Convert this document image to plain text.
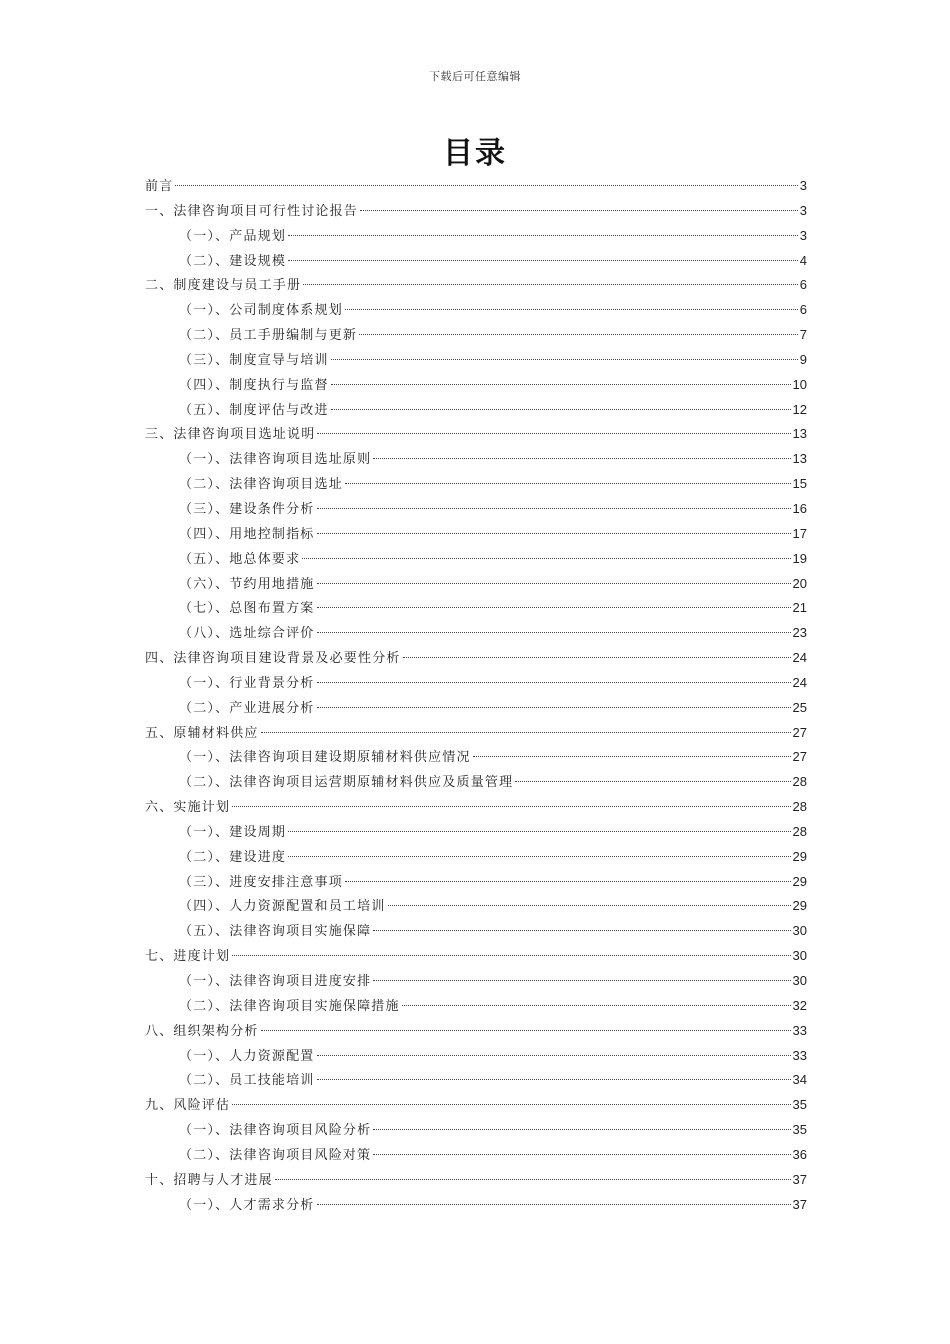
下载后可任意编辑
目录
前言	3
一、法律咨询项目可行性讨论报告	3
（一）、产品规划	3
（二）、建设规模	4
二、制度建设与员工手册	6
（一）、公司制度体系规划	6
（二）、员工手册编制与更新	7
（三）、制度宣导与培训	9
（四）、制度执行与监督	10
（五）、制度评估与改进	12
三、法律咨询项目选址说明	13
（一）、法律咨询项目选址原则	13
（二）、法律咨询项目选址	15
（三）、建设条件分析	16
（四）、用地控制指标	17
（五）、地总体要求	19
（六）、节约用地措施	20
（七）、总图布置方案	21
（八）、选址综合评价	23
四、法律咨询项目建设背景及必要性分析	24
（一）、行业背景分析	24
（二）、产业进展分析	25
五、原辅材料供应	27
（一）、法律咨询项目建设期原辅材料供应情况	27
（二）、法律咨询项目运营期原辅材料供应及质量管理	28
六、实施计划	28
（一）、建设周期	28
（二）、建设进度	29
（三）、进度安排注意事项	29
（四）、人力资源配置和员工培训	29
（五）、法律咨询项目实施保障	30
七、进度计划	30
（一）、法律咨询项目进度安排	30
（二）、法律咨询项目实施保障措施	32
八、组织架构分析	33
（一）、人力资源配置	33
（二）、员工技能培训	34
九、风险评估	35
（一）、法律咨询项目风险分析	35
（二）、法律咨询项目风险对策	36
十、招聘与人才进展	37
（一）、人才需求分析	37
